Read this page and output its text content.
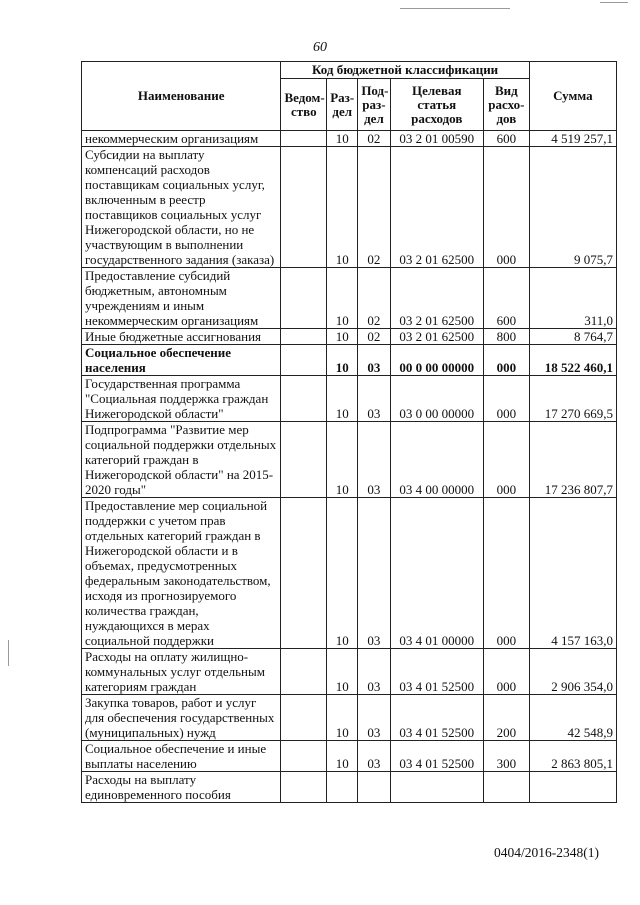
60
Наименование	Код бюджетной классификации					Сумма
	Ведом-ство	Раз-дел	Под-раз-дел	Целевая статья расходов	Вид расхо-дов	
некоммерческим организациям		10	02	03 2 01 00590	600	4 519 257,1
Субсидии на выплату компенсаций расходов поставщикам социальных услуг, включенным в реестр поставщиков социальных услуг Нижегородской области, но не участвующим в выполнении государственного задания (заказа)		10	02	03 2 01 62500	000	9 075,7
Предоставление субсидий бюджетным, автономным учреждениям и иным некоммерческим организациям		10	02	03 2 01 62500	600	311,0
Иные бюджетные ассигнования		10	02	03 2 01 62500	800	8 764,7
Социальное обеспечение населения		10	03	00 0 00 00000	000	18 522 460,1
Государственная программа "Социальная поддержка граждан Нижегородской области"		10	03	03 0 00 00000	000	17 270 669,5
Подпрограмма "Развитие мер социальной поддержки отдельных категорий граждан в Нижегородской области" на 2015-2020 годы"		10	03	03 4 00 00000	000	17 236 807,7
Предоставление мер социальной поддержки с учетом прав отдельных категорий граждан в Нижегородской области и в объемах, предусмотренных федеральным законодательством, исходя из прогнозируемого количества граждан, нуждающихся в мерах социальной поддержки		10	03	03 4 01 00000	000	4 157 163,0
Расходы на оплату жилищно-коммунальных услуг отдельным категориям граждан		10	03	03 4 01 52500	000	2 906 354,0
Закупка товаров, работ и услуг для обеспечения государственных (муниципальных) нужд		10	03	03 4 01 52500	200	42 548,9
Социальное обеспечение и иные выплаты населению		10	03	03 4 01 52500	300	2 863 805,1
Расходы на выплату единовременного пособия						
0404/2016-2348(1)
